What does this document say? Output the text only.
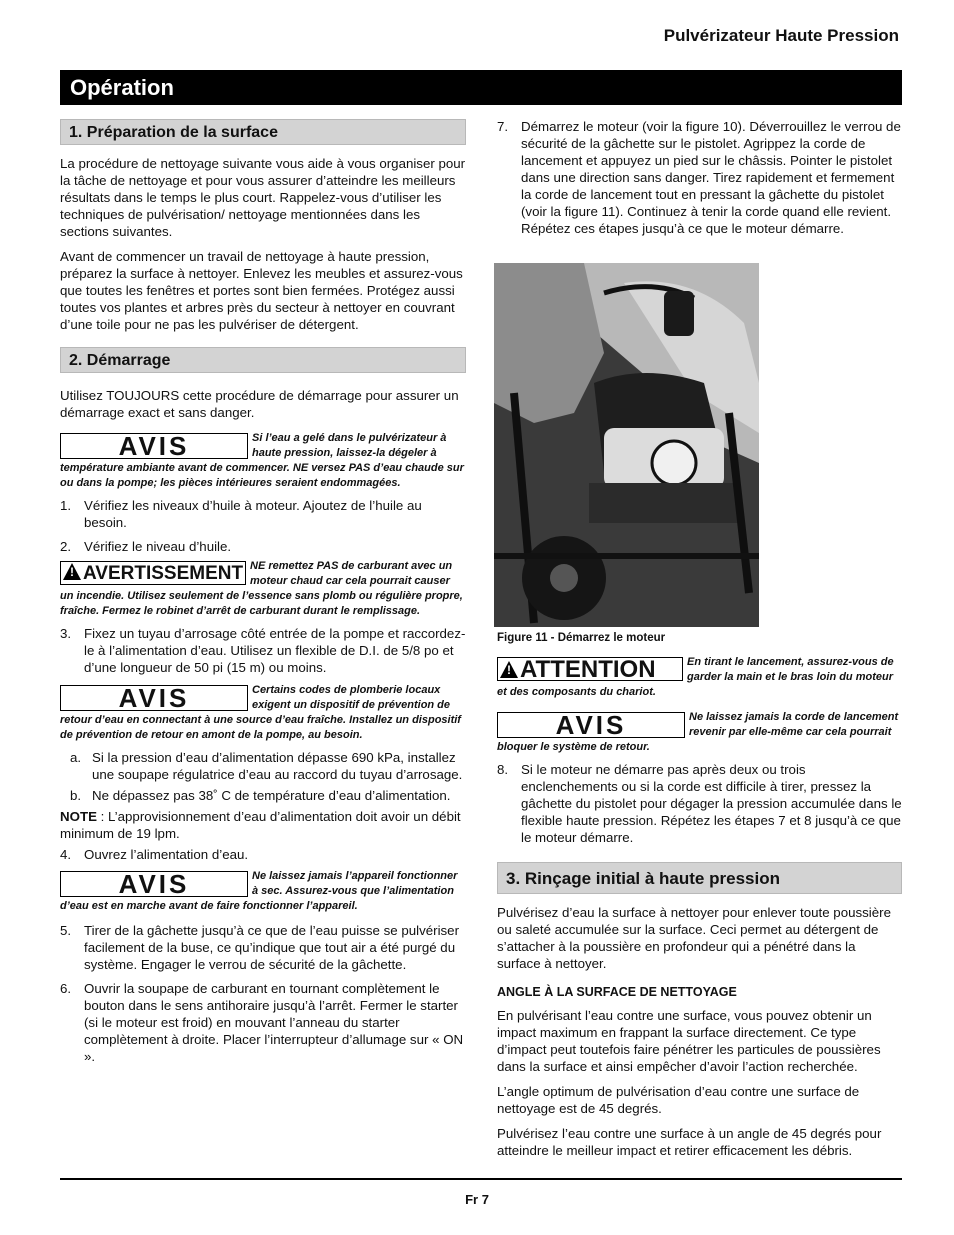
Pulvérizateur Haute Pression
Opération
1. Préparation de la surface

La procédure de nettoyage suivante vous aide à vous organiser pour la tâche de nettoyage et pour vous assurer d’atteindre les meilleurs résultats dans le temps le plus court. Rappelez-vous d’utiliser les techniques de pulvérisation/ nettoyage mentionnées dans les sections suivantes.

Avant de commencer un travail de nettoyage à haute pression, préparez la surface à nettoyer. Enlevez les meubles et assurez-vous que toutes les fenêtres et portes sont bien fermées. Protégez aussi toutes vos plantes et arbres près du secteur à nettoyer en couvrant d’une toile pour ne pas les pulvériser de détergent.

2. Démarrage

Utilisez TOUJOURS cette procédure de démarrage pour assurer un démarrage exact et sans danger.

AVIS	Si l’eau a gelé dans le pulvérizateur à haute pression, laissez-la dégeler à température ambiante avant de commencer. NE versez PAS d’eau chaude sur ou dans la pompe; les pièces intérieures seraient endommagées.
1. Vérifiez les niveaux d’huile à moteur. Ajoutez de l’huile au besoin.
2. Vérifiez le niveau d’huile.
!AVERTISSEMENT NE remettez PAS de carburant avec un moteur chaud car cela pourrait causer un incendie. Utilisez seulement de l’essence sans plomb ou régulière propre, fraîche. Fermez le robinet d’arrêt de carburant durant le remplissage.
3. Fixez un tuyau d’arrosage côté entrée de la pompe et raccordez-le à l’alimentation d’eau. Utilisez un flexible de D.I. de 5/8 po et d’une longueur de 50 pi (15 m) ou moins.
AVIS	Certains codes de plomberie locaux exigent un dispositif de prévention de retour d’eau en connectant à une source d’eau fraîche. Installez un dispositif de prévention de retour en amont de la pompe, au besoin.
a. Si la pression d’eau d’alimentation dépasse 690 kPa, installez une soupape régulatrice d’eau au raccord du tuyau d’arrosage.
b. Ne dépassez pas 38˚ C de température d’eau d’alimentation.

NOTE : L’approvisionnement d’eau d’alimentation doit avoir un débit minimum de 19 lpm.

4. Ouvrez l’alimentation d’eau.
AVIS	Ne laissez jamais l’appareil fonctionner à sec. Assurez-vous que l’alimentation d’eau est en marche avant de faire fonctionner l’appareil.
5. Tirer de la gâchette jusqu’à ce que de l’eau puisse se pulvériser facilement de la buse, ce qu’indique que tout air a été purgé du système. Engager le verrou de sécurité de la gâchette.
6. Ouvrir la soupape de carburant en tournant complètement le bouton dans le sens antihoraire jusqu’à l’arrêt. Fermer le starter (si le moteur est froid) en mouvant l’anneau du starter complètement à droite. Placer l’interrupteur d’allumage sur « ON ».
7. Démarrez le moteur (voir la figure 10). Déverrouillez le verrou de sécurité de la gâchette sur le pistolet. Agrippez la corde de lancement et appuyez un pied sur le châssis. Pointer le pistolet dans une direction sans danger. Tirez rapidement et fermement la corde de lancement tout en pressant la gâchette du pistolet (voir la figure 11). Continuez à tenir la corde quand elle revient. Répétez ces étapes jusqu’à ce que le moteur démarre.
Figure 11 - Démarrez le moteur
!ATTENTION	En tirant le lancement, assurez-vous de garder la main et le bras loin du moteur et des composants du chariot.
AVIS	Ne laissez jamais la corde de lancement revenir par elle-même car cela pourrait bloquer le système de retour.
8. Si le moteur ne démarre pas après deux ou trois enclenchements ou si la corde est difficile à tirer, pressez la gâchette du pistolet pour dégager la pression accumulée dans le flexible haute pression. Répétez les étapes 7 et 8 jusqu’à ce que le moteur démarre.
3. Rinçage initial à haute pression

Pulvérisez d’eau la surface à nettoyer pour enlever toute poussière ou saleté accumulée sur la surface. Ceci permet au détergent de s’attacher à la poussière en profondeur qui a pénétré dans la surface à nettoyer.

ANGLE À LA SURFACE DE NETTOYAGE

En pulvérisant l’eau contre une surface, vous pouvez obtenir un impact maximum en frappant la surface directement. Ce type d’impact peut toutefois faire pénétrer les particules de poussières dans la surface et ainsi empêcher d’avoir l’action recherchée.

L’angle optimum de pulvérisation d’eau contre une surface de nettoyage est de 45 degrés.

Pulvérisez l’eau contre une surface à un angle de 45 degrés pour atteindre le meilleur impact et retirer efficacement les débris.

Fr 7
